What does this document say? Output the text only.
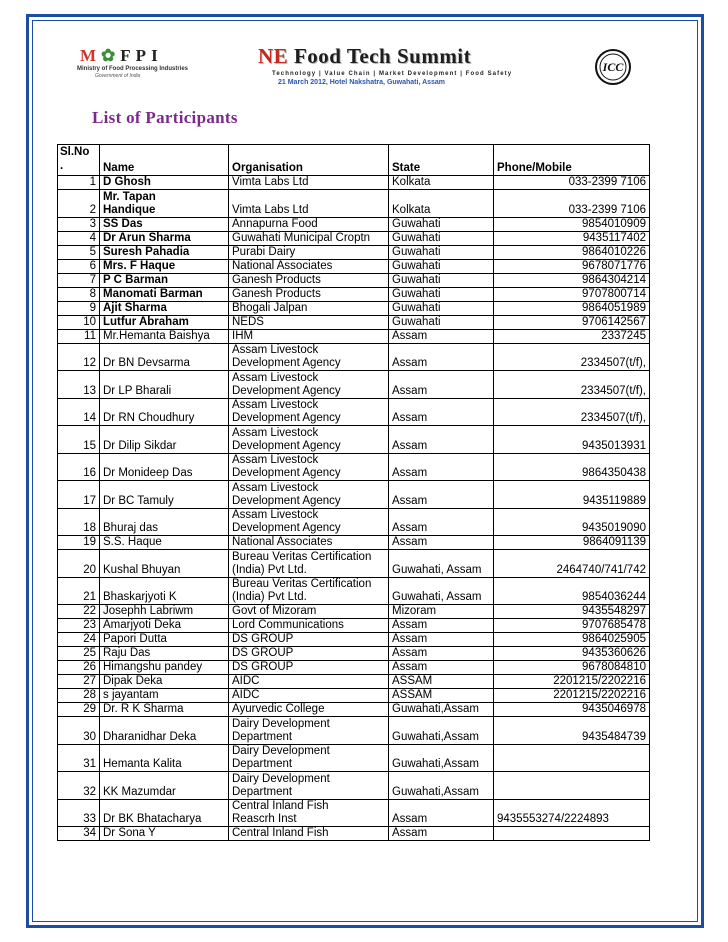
M✿FPI
Ministry of Food Processing Industries
Government of India
NE Food Tech Summit
Technology | Value Chain | Market Development | Food Safety
21 March 2012, Hotel Nakshatra, Guwahati, Assam
ICC
List of Participants
Sl.No
.	Name	Organisation	State	Phone/Mobile
1	D Ghosh	Vimta Labs Ltd	Kolkata	033-2399 7106
2	Mr. Tapan
Handique	Vimta Labs Ltd	Kolkata	033-2399 7106
3	SS Das	Annapurna Food	Guwahati	9854010909
4	Dr Arun Sharma	Guwahati Municipal Croptn	Guwahati	9435117402
5	Suresh Pahadia	Purabi Dairy	Guwahati	9864010226
6	Mrs. F Haque	National Associates	Guwahati	9678071776
7	P C Barman	Ganesh Products	Guwahati	9864304214
8	Manomati Barman	Ganesh Products	Guwahati	9707800714
9	Ajit Sharma	Bhogali Jalpan	Guwahati	9864051989
10	Lutfur Abraham	NEDS	Guwahati	9706142567
11	Mr.Hemanta Baishya	IHM	Assam	2337245
12	Dr BN Devsarma	Assam Livestock
Development Agency	Assam	2334507(t/f),
13	Dr LP Bharali	Assam Livestock
Development Agency	Assam	2334507(t/f),
14	Dr RN Choudhury	Assam Livestock
Development Agency	Assam	2334507(t/f),
15	Dr Dilip Sikdar	Assam Livestock
Development Agency	Assam	9435013931
16	Dr Monideep Das	Assam Livestock
Development Agency	Assam	9864350438
17	Dr BC Tamuly	Assam Livestock
Development Agency	Assam	9435119889
18	Bhuraj das	Assam Livestock
Development Agency	Assam	9435019090
19	S.S. Haque	National Associates	Assam	9864091139
20	Kushal Bhuyan	Bureau Veritas Certification
(India) Pvt Ltd.	Guwahati, Assam	2464740/741/742
21	Bhaskarjyoti K	Bureau Veritas Certification
(India) Pvt Ltd.	Guwahati, Assam	9854036244
22	Josephh Labriwm	Govt of Mizoram	Mizoram	9435548297
23	Amarjyoti Deka	Lord Communications	Assam	9707685478
24	Papori Dutta	DS GROUP	Assam	9864025905
25	Raju Das	DS GROUP	Assam	9435360626
26	Himangshu pandey	DS GROUP	Assam	9678084810
27	Dipak Deka	AIDC	ASSAM	2201215/2202216
28	s jayantam	AIDC	ASSAM	2201215/2202216
29	Dr. R K Sharma	Ayurvedic College	Guwahati,Assam	9435046978
30	Dharanidhar Deka	Dairy Development
Department	Guwahati,Assam	9435484739
31	Hemanta Kalita	Dairy Development
Department	Guwahati,Assam	
32	KK Mazumdar	Dairy Development
Department	Guwahati,Assam	
33	Dr BK Bhatacharya	Central Inland Fish
Reascrh Inst	Assam	9435553274/2224893
34	Dr Sona Y	Central Inland Fish	Assam	
